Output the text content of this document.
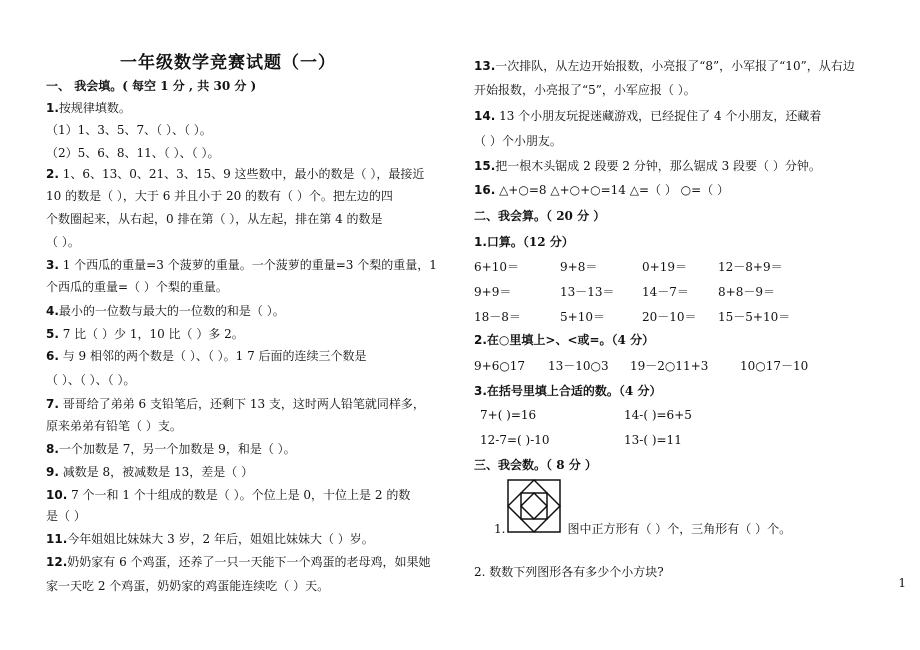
一年级数学竞赛试题（一）
一、 我会填。( 每空 1 分 , 共 30 分 )
1.按规律填数。
（1）1、3、5、7、（ ）、（ ）。
（2）5、6、8、11、（ ）、（ ）。
2. 1、6、13、0、21、3、15、9 这些数中，最小的数是（ ），最接近
10 的数是（ ），大于 6 并且小于 20 的数有（ ）个。把左边的四
个数圈起来，从右起，0 排在第（ ），从左起，排在第 4 的数是
（ ）。
3. 1 个西瓜的重量=3 个菠萝的重量。一个菠萝的重量=3 个梨的重量，1
个西瓜的重量=（ ）个梨的重量。
4.最小的一位数与最大的一位数的和是（ ）。
5. 7 比（ ）少 1，10 比（ ）多 2。
6. 与 9 相邻的两个数是（ ）、（ ）。1 7 后面的连续三个数是
（ ）、（ ）、（ ）。
7. 哥哥给了弟弟 6 支铅笔后，还剩下 13 支，这时两人铅笔就同样多，
原来弟弟有铅笔（ ）支。
8.一个加数是 7，另一个加数是 9，和是（ ）。
9. 减数是 8，被减数是 13，差是（ ）
10. 7 个一和 1 个十组成的数是（ ）。个位上是 0，十位上是 2 的数
是（ ）
11.今年姐姐比妹妹大 3 岁，2 年后，姐姐比妹妹大（ ）岁。
12.奶奶家有 6 个鸡蛋，还养了一只一天能下一个鸡蛋的老母鸡，如果她
家一天吃 2 个鸡蛋，奶奶家的鸡蛋能连续吃（ ）天。
13.一次排队，从左边开始报数，小亮报了“8”，小军报了“10”，从右边
开始报数，小亮报了“5”，小军应报（ ）。
14. 13 个小朋友玩捉迷藏游戏，已经捉住了 4 个小朋友，还藏着
（ ）个小朋友。
15.把一根木头锯成 2 段要 2 分钟，那么锯成 3 段要（ ）分钟。
16. △+○=8 △+○+○=14 △=（ ） ○=（ ）
二、我会算。（ 20 分 ）
1.口算。（12 分）
6+10＝	9+8＝	0+19＝	12－8+9＝
9+9＝	13－13＝ 14－7＝ 8+8－9＝
18－8＝	5+10＝	20－10＝ 15－5+10＝
2.在○里填上>、<或=。（4 分）
9+6○17 13－10○3 19－2○11+3	10○17－10
3.在括号里填上合适的数。（4 分）
7+( )=16	14-( )=6+5
12-7=( )-10	13-( )=11
三、我会数。（ 8 分 ）
1.	图中正方形有（ ）个，三角形有（ ）个。
2. 数数下列图形各有多少个小方块?
1
